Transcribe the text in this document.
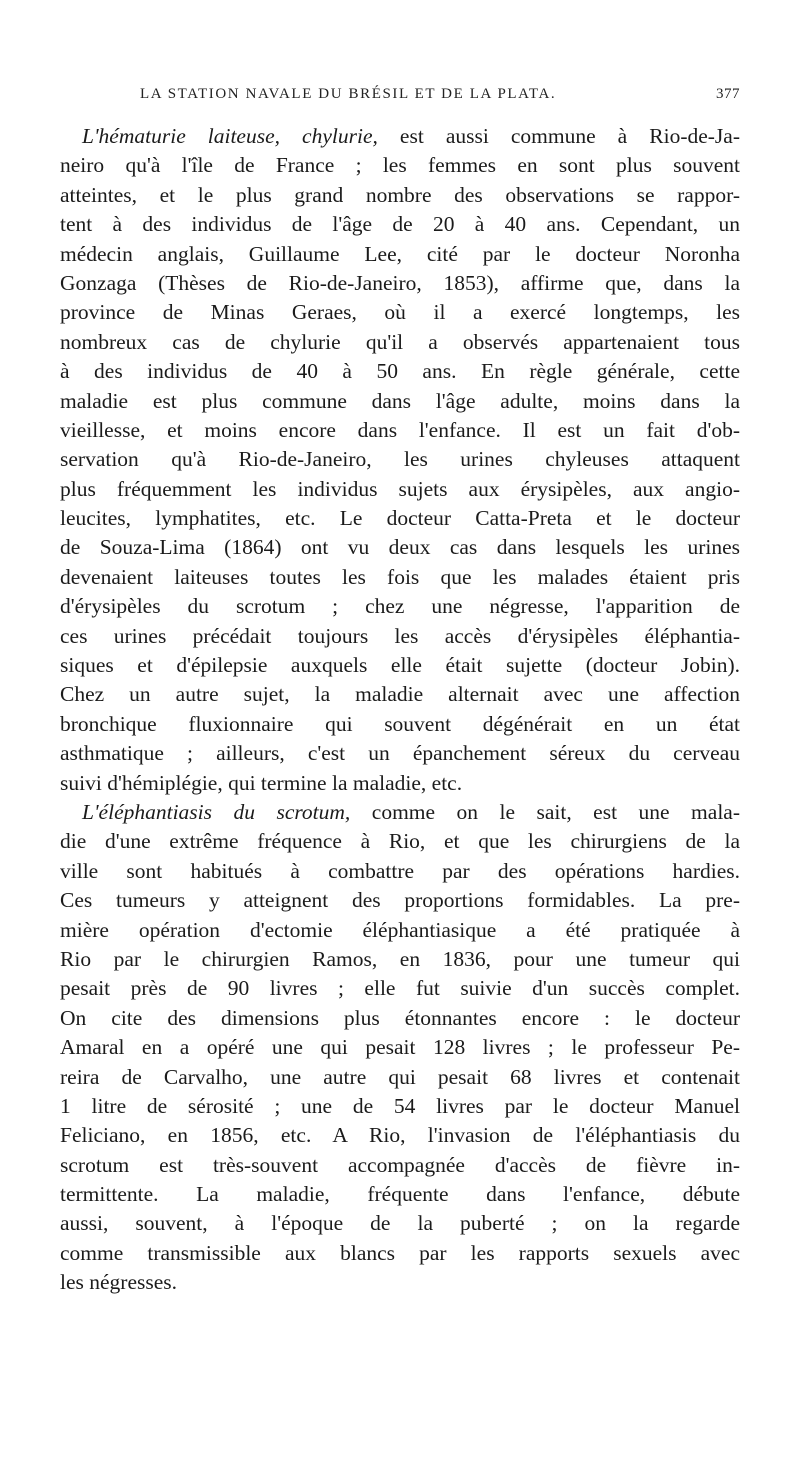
LA STATION NAVALE DU BRÉSIL ET DE LA PLATA.	377
L'hématurie laiteuse, chylurie, est aussi commune à Rio-de-Ja-
neiro qu'à l'île de France ; les femmes en sont plus souvent
atteintes, et le plus grand nombre des observations se rappor-
tent à des individus de l'âge de 20 à 40 ans. Cependant, un
médecin anglais, Guillaume Lee, cité par le docteur Noronha
Gonzaga (Thèses de Rio-de-Janeiro, 1853), affirme que, dans la
province de Minas Geraes, où il a exercé longtemps, les
nombreux cas de chylurie qu'il a observés appartenaient tous
à des individus de 40 à 50 ans. En règle générale, cette
maladie est plus commune dans l'âge adulte, moins dans la
vieillesse, et moins encore dans l'enfance. Il est un fait d'ob-
servation qu'à Rio-de-Janeiro, les urines chyleuses attaquent
plus fréquemment les individus sujets aux érysipèles, aux angio-
leucites, lymphatites, etc. Le docteur Catta-Preta et le docteur
de Souza-Lima (1864) ont vu deux cas dans lesquels les urines
devenaient laiteuses toutes les fois que les malades étaient pris
d'érysipèles du scrotum ; chez une négresse, l'apparition de
ces urines précédait toujours les accès d'érysipèles éléphantia-
siques et d'épilepsie auxquels elle était sujette (docteur Jobin).
Chez un autre sujet, la maladie alternait avec une affection
bronchique fluxionnaire qui souvent dégénérait en un état
asthmatique ; ailleurs, c'est un épanchement séreux du cerveau
suivi d'hémiplégie, qui termine la maladie, etc.
L'éléphantiasis du scrotum, comme on le sait, est une mala-
die d'une extrême fréquence à Rio, et que les chirurgiens de la
ville sont habitués à combattre par des opérations hardies.
Ces tumeurs y atteignent des proportions formidables. La pre-
mière opération d'ectomie éléphantiasique a été pratiquée à
Rio par le chirurgien Ramos, en 1836, pour une tumeur qui
pesait près de 90 livres ; elle fut suivie d'un succès complet.
On cite des dimensions plus étonnantes encore : le docteur
Amaral en a opéré une qui pesait 128 livres ; le professeur Pe-
reira de Carvalho, une autre qui pesait 68 livres et contenait
1 litre de sérosité ; une de 54 livres par le docteur Manuel
Feliciano, en 1856, etc. A Rio, l'invasion de l'éléphantiasis du
scrotum est très-souvent accompagnée d'accès de fièvre in-
termittente. La maladie, fréquente dans l'enfance, débute
aussi, souvent, à l'époque de la puberté ; on la regarde
comme transmissible aux blancs par les rapports sexuels avec
les négresses.
